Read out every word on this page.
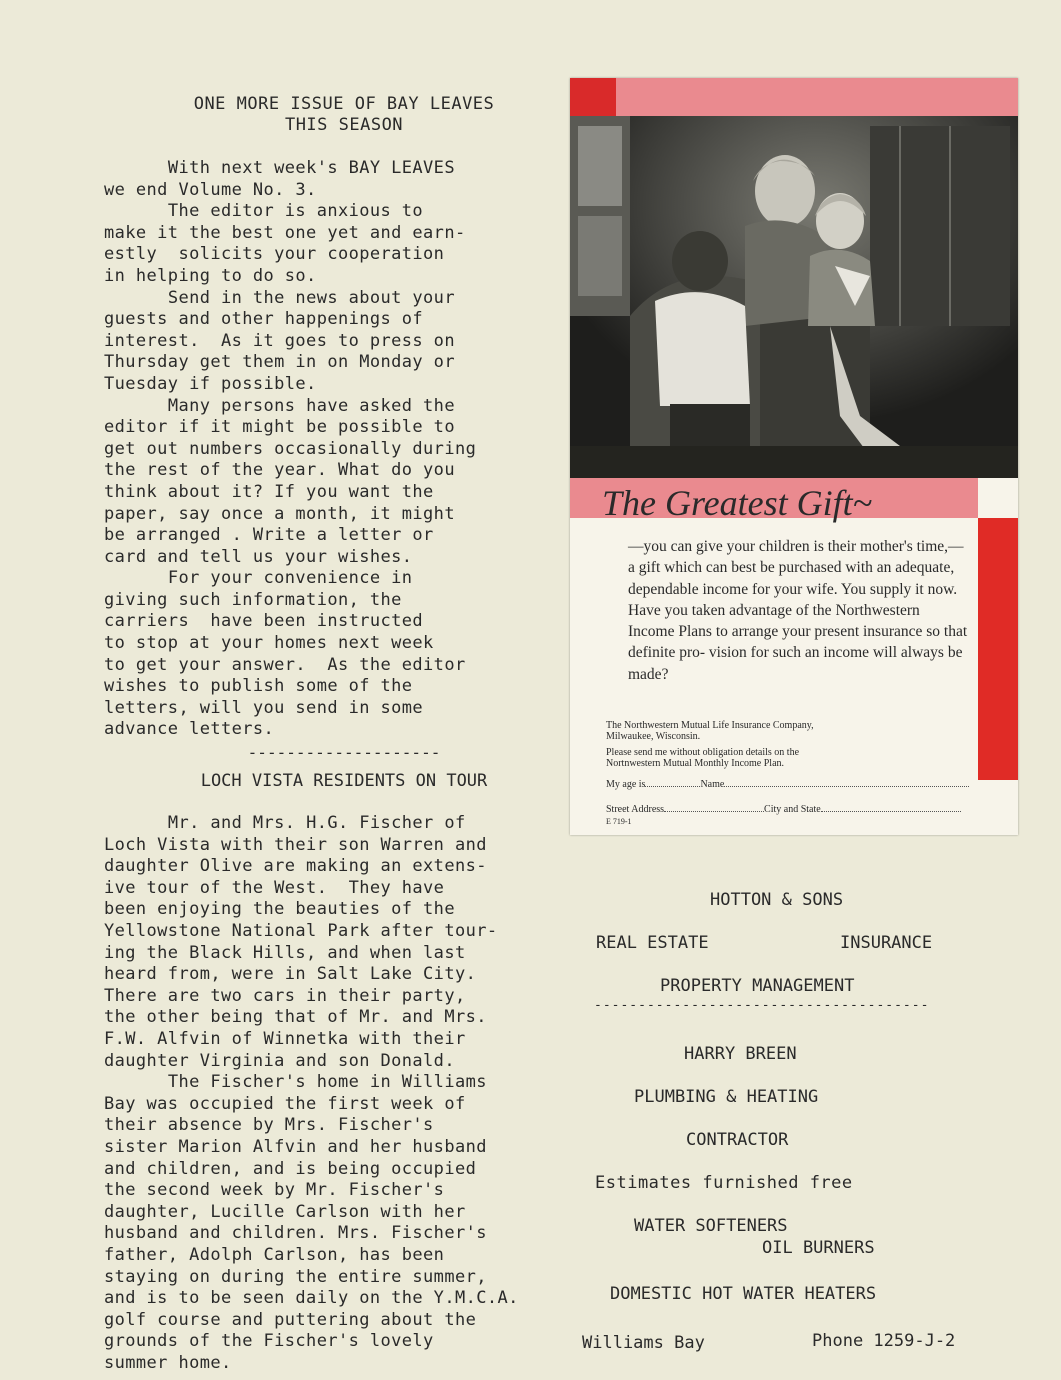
ONE MORE ISSUE OF BAY LEAVES
THIS SEASON

With next week's BAY LEAVES
we end Volume No. 3.
The editor is anxious to
make it the best one yet and earn-
estly  solicits your cooperation
in helping to do so.
Send in the news about your
guests and other happenings of
interest.  As it goes to press on
Thursday get them in on Monday or
Tuesday if possible.
Many persons have asked the
editor if it might be possible to
get out numbers occasionally during
the rest of the year. What do you
think about it? If you want the
paper, say once a month, it might
be arranged . Write a letter or
card and tell us your wishes.
For your convenience in
giving such information, the
carriers  have been instructed
to stop at your homes next week
to get your answer.  As the editor
wishes to publish some of the
letters, will you send in some
advance letters.

--------------------
LOCH VISTA RESIDENTS ON TOUR

Mr. and Mrs. H.G. Fischer of
Loch Vista with their son Warren and
daughter Olive are making an extens-
ive tour of the West.  They have
been enjoying the beauties of the
Yellowstone National Park after tour-
ing the Black Hills, and when last
heard from, were in Salt Lake City.
There are two cars in their party,
the other being that of Mr. and Mrs.
F.W. Alfvin of Winnetka with their
daughter Virginia and son Donald.
The Fischer's home in Williams
Bay was occupied the first week of
their absence by Mrs. Fischer's
sister Marion Alfvin and her husband
and children, and is being occupied
the second week by Mr. Fischer's
daughter, Lucille Carlson with her
husband and children. Mrs. Fischer's
father, Adolph Carlson, has been
staying on during the entire summer,
and is to be seen daily on the Y.M.C.A.
golf course and puttering about the
grounds of the Fischer's lovely
summer home.

The Greatest Gift~

—you can give your children is their mother's time,— a gift which can best be purchased with an adequate, dependable income for your wife. You supply it now. Have you taken advantage of the Northwestern Income Plans to arrange your present insurance so that definite pro- vision for such an income will always be made?

The Northwestern Mutual Life Insurance Company,

Milwaukee, Wisconsin.

Please send me without obligation details on the

Nortnwestern Mutual Monthly Income Plan.

My age is	Name

Street Address	City and State

E 719-1

HOTTON & SONS
REAL ESTATE	INSURANCE
PROPERTY MANAGEMENT
--------------------------------------
HARRY BREEN
PLUMBING & HEATING
CONTRACTOR
Estimates furnished free
WATER SOFTENERS
OIL BURNERS
DOMESTIC HOT WATER HEATERS
Williams Bay	Phone 1259-J-2
